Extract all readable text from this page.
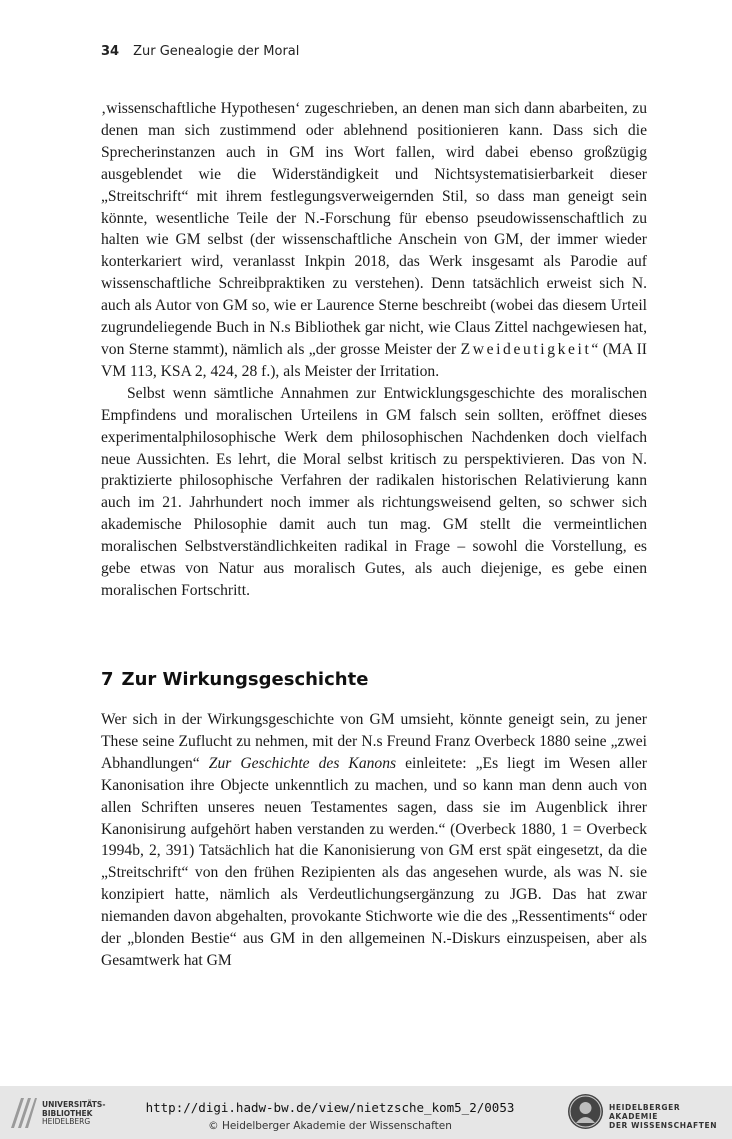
34 Zur Genealogie der Moral

‚wissenschaftliche Hypothesen‘ zugeschrieben, an denen man sich dann abarbeiten, zu denen man sich zustimmend oder ablehnend positionieren kann. Dass sich die Sprecherinstanzen auch in GM ins Wort fallen, wird dabei ebenso großzügig ausgeblendet wie die Widerständigkeit und Nichtsystematisierbarkeit dieser „Streitschrift“ mit ihrem festlegungsverweigernden Stil, so dass man geneigt sein könnte, wesentliche Teile der N.-Forschung für ebenso pseudowissenschaftlich zu halten wie GM selbst (der wissenschaftliche Anschein von GM, der immer wieder konterkariert wird, veranlasst Inkpin 2018, das Werk insgesamt als Parodie auf wissenschaftliche Schreibpraktiken zu verstehen). Denn tatsächlich erweist sich N. auch als Autor von GM so, wie er Laurence Sterne beschreibt (wobei das diesem Urteil zugrundeliegende Buch in N.s Bibliothek gar nicht, wie Claus Zittel nachgewiesen hat, von Sterne stammt), nämlich als „der grosse Meister der Zweideutigkeit“ (MA II VM 113, KSA 2, 424, 28 f.), als Meister der Irritation.

Selbst wenn sämtliche Annahmen zur Entwicklungsgeschichte des moralischen Empfindens und moralischen Urteilens in GM falsch sein sollten, eröffnet dieses experimentalphilosophische Werk dem philosophischen Nachdenken doch vielfach neue Aussichten. Es lehrt, die Moral selbst kritisch zu perspektivieren. Das von N. praktizierte philosophische Verfahren der radikalen historischen Relativierung kann auch im 21. Jahrhundert noch immer als richtungsweisend gelten, so schwer sich akademische Philosophie damit auch tun mag. GM stellt die vermeintlichen moralischen Selbstverständlichkeiten radikal in Frage – sowohl die Vorstellung, es gebe etwas von Natur aus moralisch Gutes, als auch diejenige, es gebe einen moralischen Fortschritt.

7 Zur Wirkungsgeschichte

Wer sich in der Wirkungsgeschichte von GM umsieht, könnte geneigt sein, zu jener These seine Zuflucht zu nehmen, mit der N.s Freund Franz Overbeck 1880 seine „zwei Abhandlungen“ Zur Geschichte des Kanons einleitete: „Es liegt im Wesen aller Kanonisation ihre Objecte unkenntlich zu machen, und so kann man denn auch von allen Schriften unseres neuen Testamentes sagen, dass sie im Augenblick ihrer Kanonisirung aufgehört haben verstanden zu werden.“ (Overbeck 1880, 1 = Overbeck 1994b, 2, 391) Tatsächlich hat die Kanonisierung von GM erst spät eingesetzt, da die „Streitschrift“ von den frühen Rezipienten als das angesehen wurde, als was N. sie konzipiert hatte, nämlich als Verdeutlichungsergänzung zu JGB. Das hat zwar niemanden davon abgehalten, provokante Stichworte wie die des „Ressentiments“ oder der „blonden Bestie“ aus GM in den allgemeinen N.-Diskurs einzuspeisen, aber als Gesamtwerk hat GM

UNIVERSITÄTS-
BIBLIOTHEK
HEIDELBERG
http://digi.hadw-bw.de/view/nietzsche_kom5_2/0053
© Heidelberger Akademie der Wissenschaften
HEIDELBERGER AKADEMIE
DER WISSENSCHAFTEN
